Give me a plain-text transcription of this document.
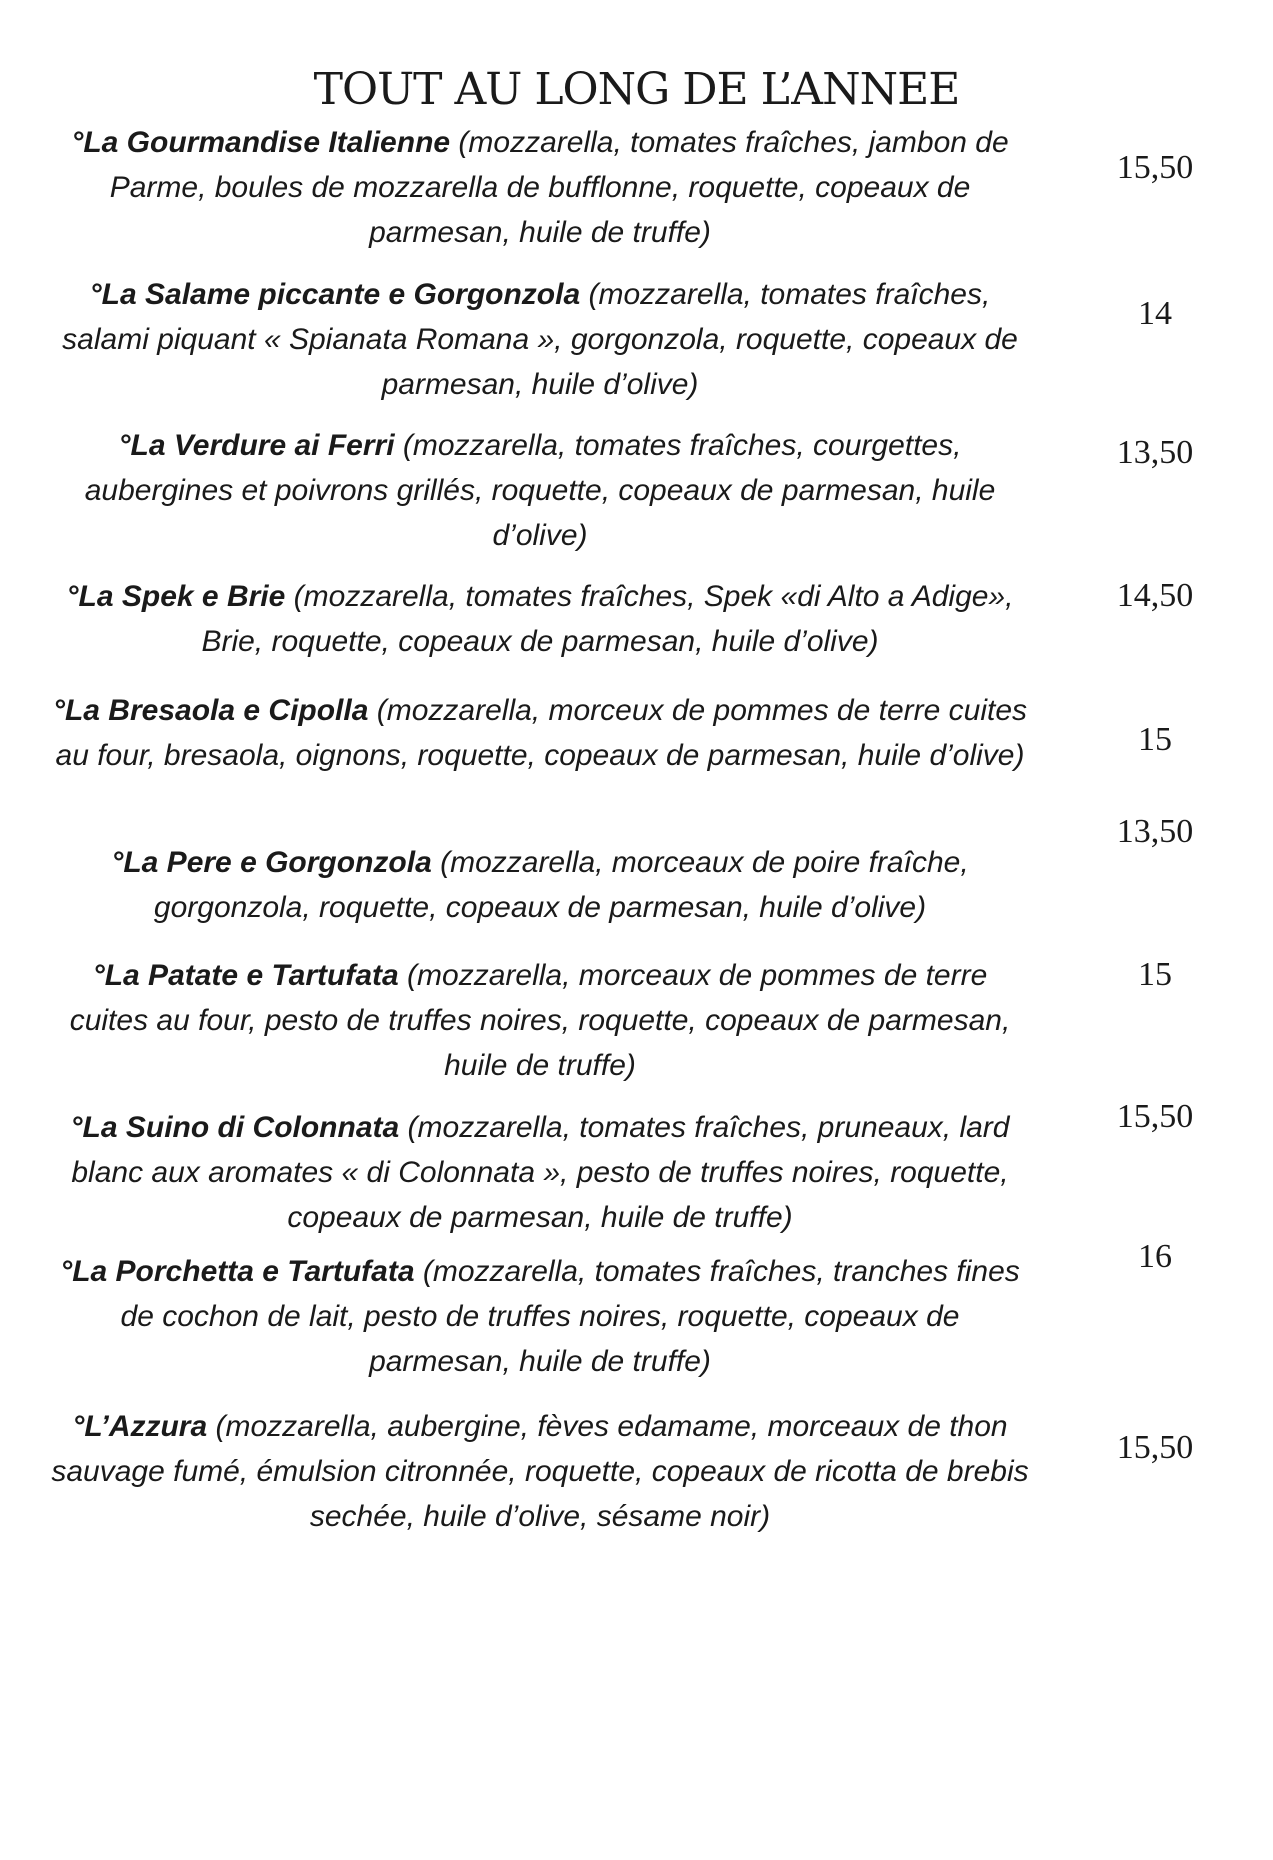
TOUT AU LONG DE L’ANNEE
°La Gourmandise Italienne (mozzarella, tomates fraîches, jambon de Parme, boules de mozzarella de bufflonne, roquette, copeaux de parmesan, huile de truffe)
15,50
°La Salame piccante e Gorgonzola (mozzarella, tomates fraîches, salami piquant « Spianata Romana », gorgonzola, roquette, copeaux de parmesan, huile d’olive)
14
°La Verdure ai Ferri (mozzarella, tomates fraîches, courgettes, aubergines et poivrons grillés, roquette, copeaux de parmesan, huile d’olive)
13,50
°La Spek e Brie (mozzarella, tomates fraîches, Spek «di Alto a Adige», Brie, roquette, copeaux de parmesan, huile d’olive)
14,50
°La Bresaola e Cipolla (mozzarella, morceux de pommes de terre cuites au four, bresaola, oignons, roquette, copeaux de parmesan, huile d’olive)	15
°La Pere e Gorgonzola (mozzarella, morceaux de poire fraîche, gorgonzola, roquette, copeaux de parmesan, huile d’olive)
13,50
°La Patate e Tartufata (mozzarella, morceaux de pommes de terre cuites au four, pesto de truffes noires, roquette, copeaux de parmesan, huile de truffe)
15
°La Suino di Colonnata (mozzarella, tomates fraîches, pruneaux, lard blanc aux aromates « di Colonnata », pesto de truffes noires, roquette, copeaux de parmesan, huile de truffe)
15,50
°La Porchetta e Tartufata (mozzarella, tomates fraîches, tranches fines de cochon de lait, pesto de truffes noires, roquette, copeaux de parmesan, huile de truffe)
16
°L’Azzura (mozzarella, aubergine, fèves edamame, morceaux de thon sauvage fumé, émulsion citronnée, roquette, copeaux de ricotta de brebis sechée, huile d’olive, sésame noir)
15,50
